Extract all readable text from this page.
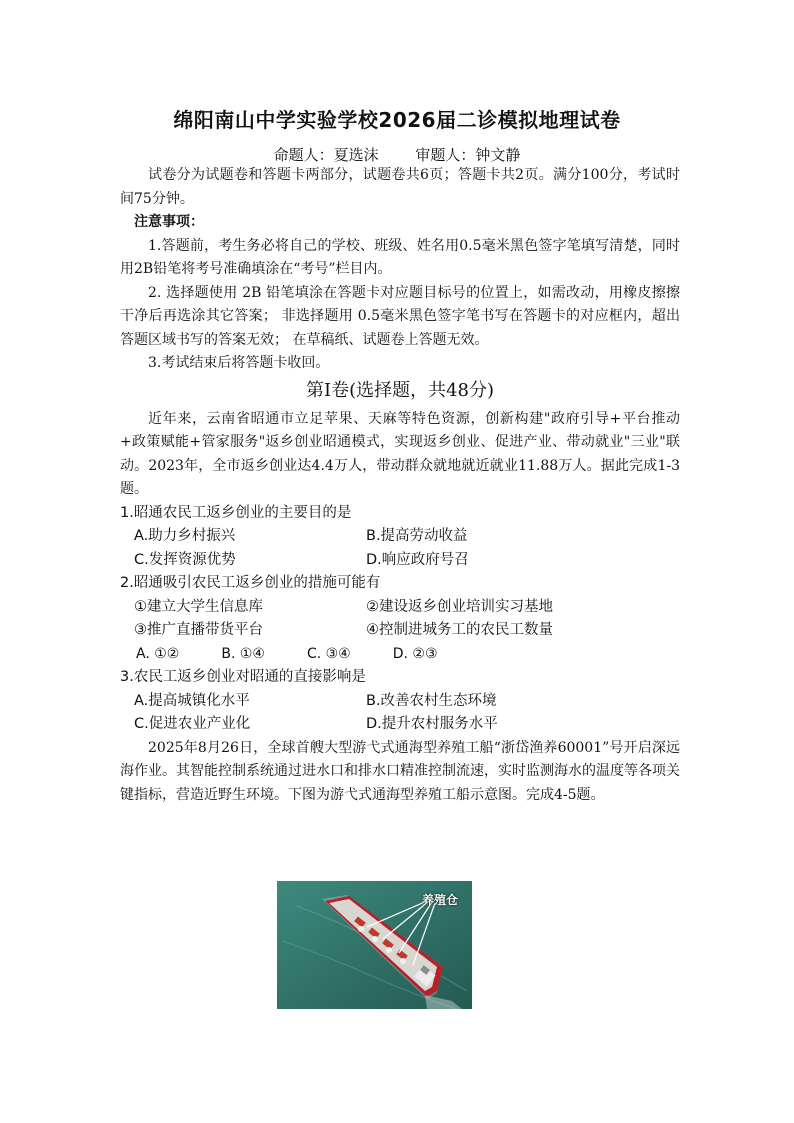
绵阳南山中学实验学校2026届二诊模拟地理试卷
命题人：夏选沫 审题人：钟文静

试卷分为试题卷和答题卡两部分，试题卷共6页；答题卡共2页。满分100分，考试时间75分钟。

注意事项：

1.答题前，考生务必将自己的学校、班级、姓名用0.5毫米黑色签字笔填写清楚，同时用2B铅笔将考号准确填涂在“考号”栏目内。

2. 选择题使用 2B 铅笔填涂在答题卡对应题目标号的位置上，如需改动，用橡皮擦擦干净后再选涂其它答案； 非选择题用 0.5毫米黑色签字笔书写在答题卡的对应框内，超出答题区域书写的答案无效； 在草稿纸、试题卷上答题无效。

3.考试结束后将答题卡收回。

第Ⅰ卷(选择题，共48分)

近年来，云南省昭通市立足苹果、天麻等特色资源，创新构建"政府引导+平台推动+政策赋能+管家服务"返乡创业昭通模式，实现返乡创业、促进产业、带动就业"三业"联动。2023年，全市返乡创业达4.4万人，带动群众就地就近就业11.88万人。据此完成1-3题。

1.昭通农民工返乡创业的主要目的是

A.助力乡村振兴	B.提高劳动收益
C.发挥资源优势	D.响应政府号召

2.昭通吸引农民工返乡创业的措施可能有

①建立大学生信息库	②建设返乡创业培训实习基地
③推广直播带货平台	④控制进城务工的农民工数量
A. ①②	B. ①④	C. ③④	D. ②③

3.农民工返乡创业对昭通的直接影响是

A.提高城镇化水平	B.改善农村生态环境
C.促进农业产业化	D.提升农村服务水平

2025年8月26日，全球首艘大型游弋式通海型养殖工船“浙岱渔养60001”号开启深远海作业。其智能控制系统通过进水口和排水口精准控制流速，实时监测海水的温度等各项关键指标，营造近野生环境。下图为游弋式通海型养殖工船示意图。完成4-5题。

养殖仓
